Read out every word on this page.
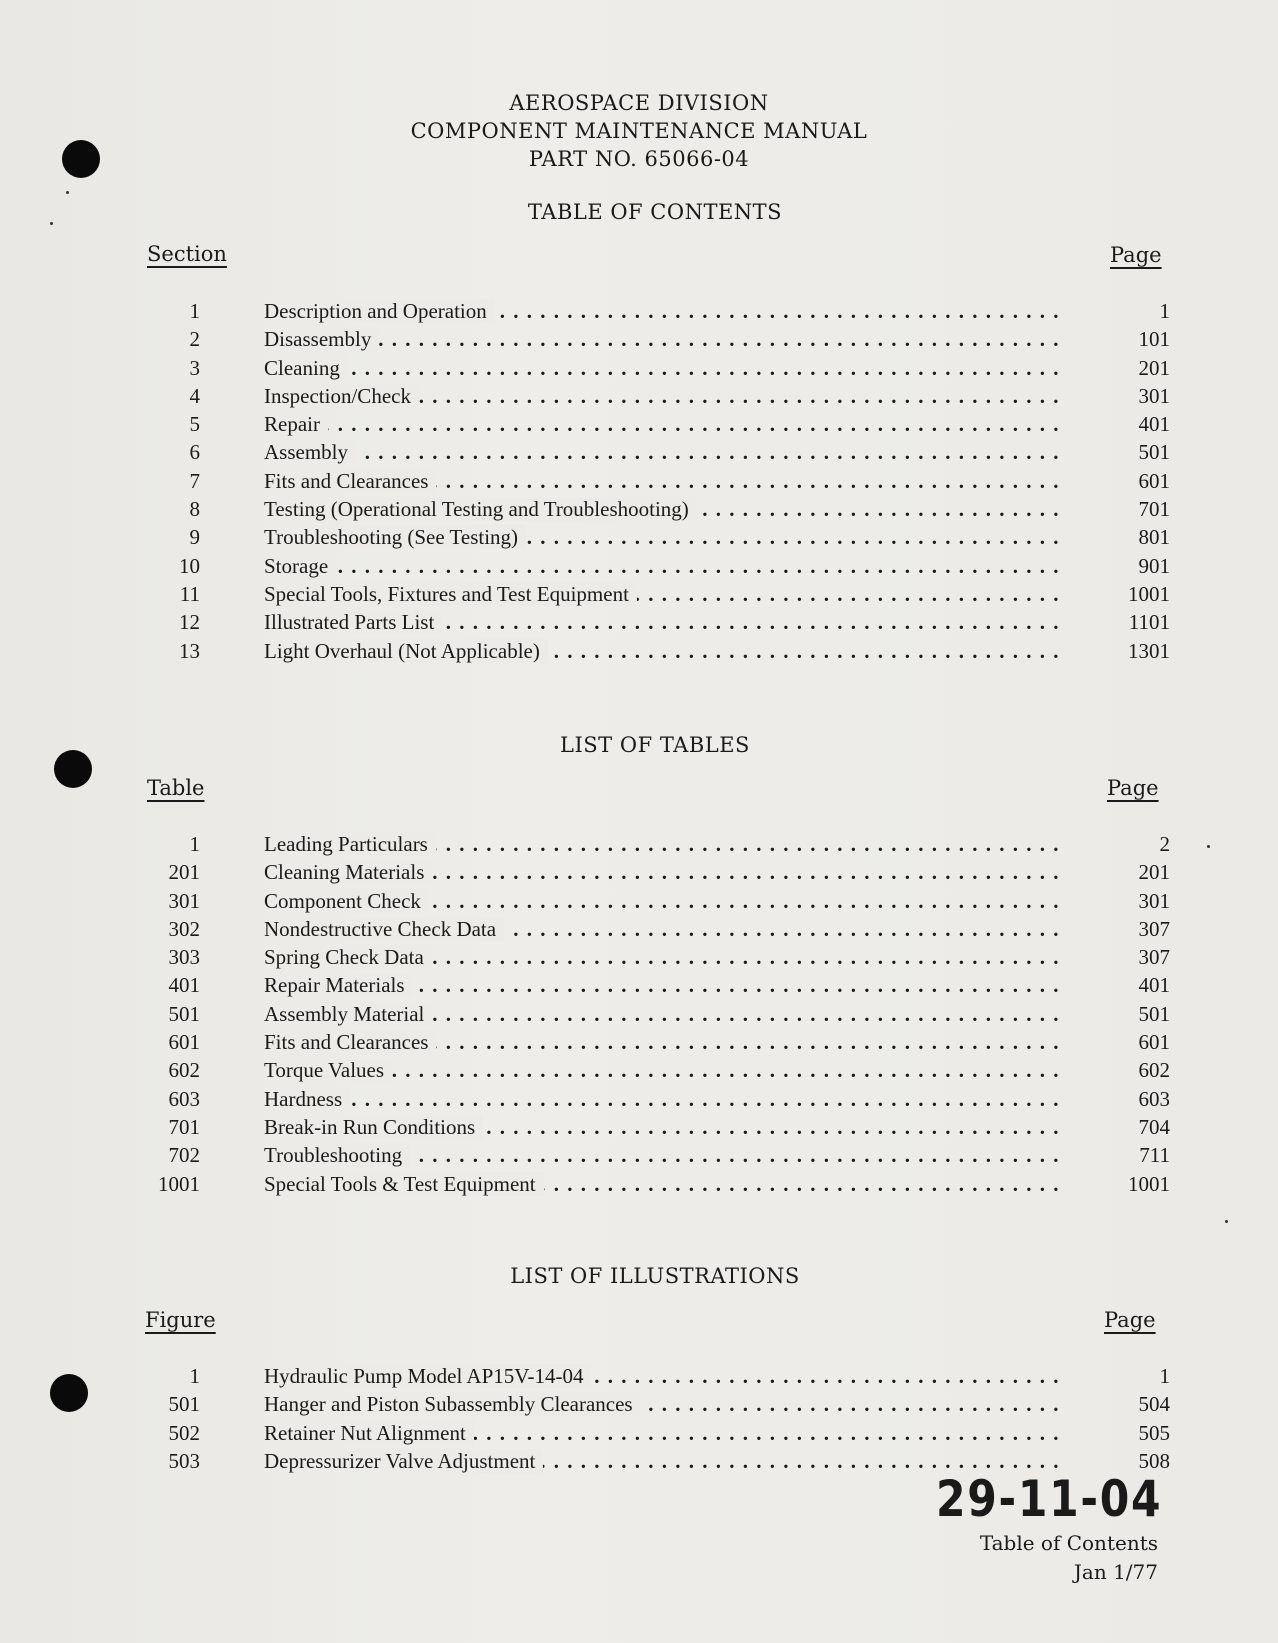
AEROSPACE DIVISION
COMPONENT MAINTENANCE MANUAL
PART NO. 65066-04
TABLE OF CONTENTS
Section	Page
1	Description and Operation . . .	1
2	Disassembly . . .	101
3	Cleaning . . .	201
4	Inspection/Check . . .	301
5	Repair . . .	401
6	Assembly . . .	501
7	Fits and Clearances . . .	601
8	Testing (Operational Testing and Troubleshooting) . . .	701
9	Troubleshooting (See Testing) . . .	801
10	Storage . . .	901
11	Special Tools, Fixtures and Test Equipment . . .	1001
12	Illustrated Parts List . . .	1101
13	Light Overhaul (Not Applicable) . . .	1301
LIST OF TABLES
Table	Page
1	Leading Particulars . . .	2
201	Cleaning Materials . . .	201
301	Component Check . . .	301
302	Nondestructive Check Data . . .	307
303	Spring Check Data . . .	307
401	Repair Materials . . .	401
501	Assembly Material . . .	501
601	Fits and Clearances . . .	601
602	Torque Values . . .	602
603	Hardness . . .	603
701	Break-in Run Conditions . . .	704
702	Troubleshooting . . .	711
1001	Special Tools & Test Equipment . . .	1001
LIST OF ILLUSTRATIONS
Figure	Page
1	Hydraulic Pump Model AP15V-14-04 . . .	1
501	Hanger and Piston Subassembly Clearances . . .	504
502	Retainer Nut Alignment . . .	505
503	Depressurizer Valve Adjustment . . .	508
29-11-04
Table of Contents
Jan 1/77
